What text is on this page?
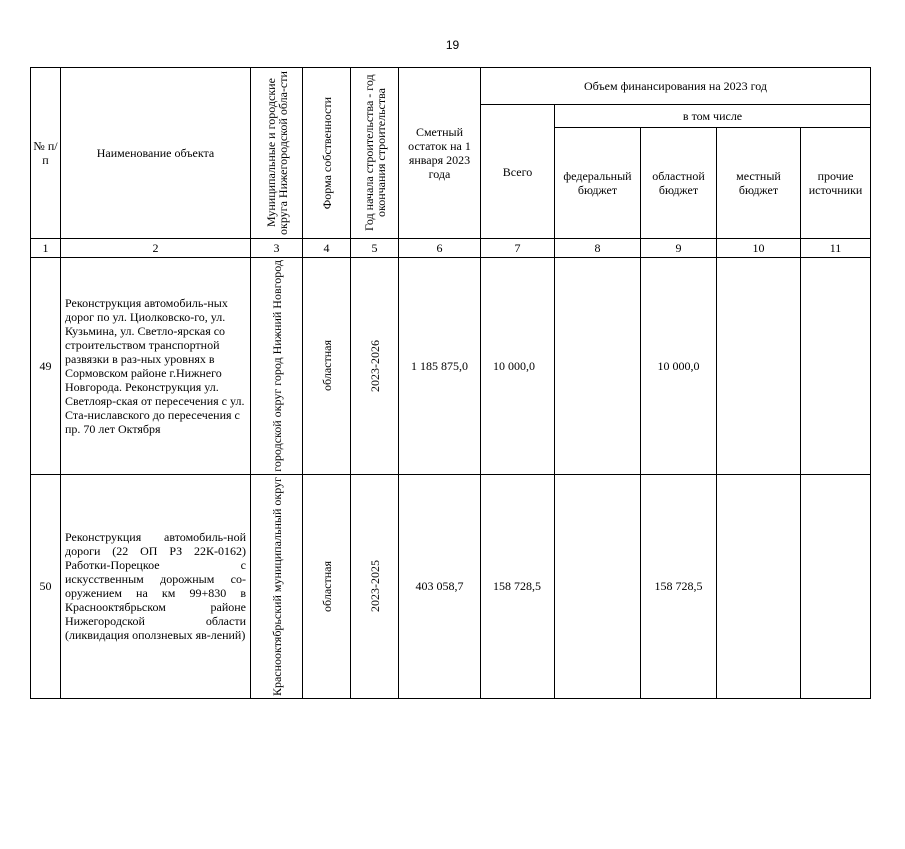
19
№ п/п	Наименование объекта	Муниципальные и городские округа Нижегородской обла-сти	Форма собственности	Год начала строительства - год окончания строительства	Сметный остаток на 1 января 2023 года	Объем финансирования на 2023 год				
						Всего	в том числе			
							федеральный бюджет	областной бюджет	местный бюджет	прочие источники
1	2	3	4	5	6	7	8	9	10	11
49	Реконструкция автомобиль-ных дорог по ул. Циолковско-го, ул. Кузьмина, ул. Светло-ярская со строительством транспортной развязки в раз-ных уровнях в Сормовском районе г.Нижнего Новгорода. Реконструкция ул. Светлояр-ская от пересечения с ул. Ста-ниславского до пересечения с пр. 70 лет Октября	городской округ город Нижний Новгород	областная	2023-2026	1 185 875,0	10 000,0		10 000,0		
50	Реконструкция автомобиль-ной дороги (22 ОП РЗ 22К-0162) Работки-Порецкое с искусственным дорожным со-оружением на км 99+830 в Краснооктябрьском районе Нижегородской области (ликвидация оползневых яв-лений)	Краснооктябрьский муниципальный округ	областная	2023-2025	403 058,7	158 728,5		158 728,5		
